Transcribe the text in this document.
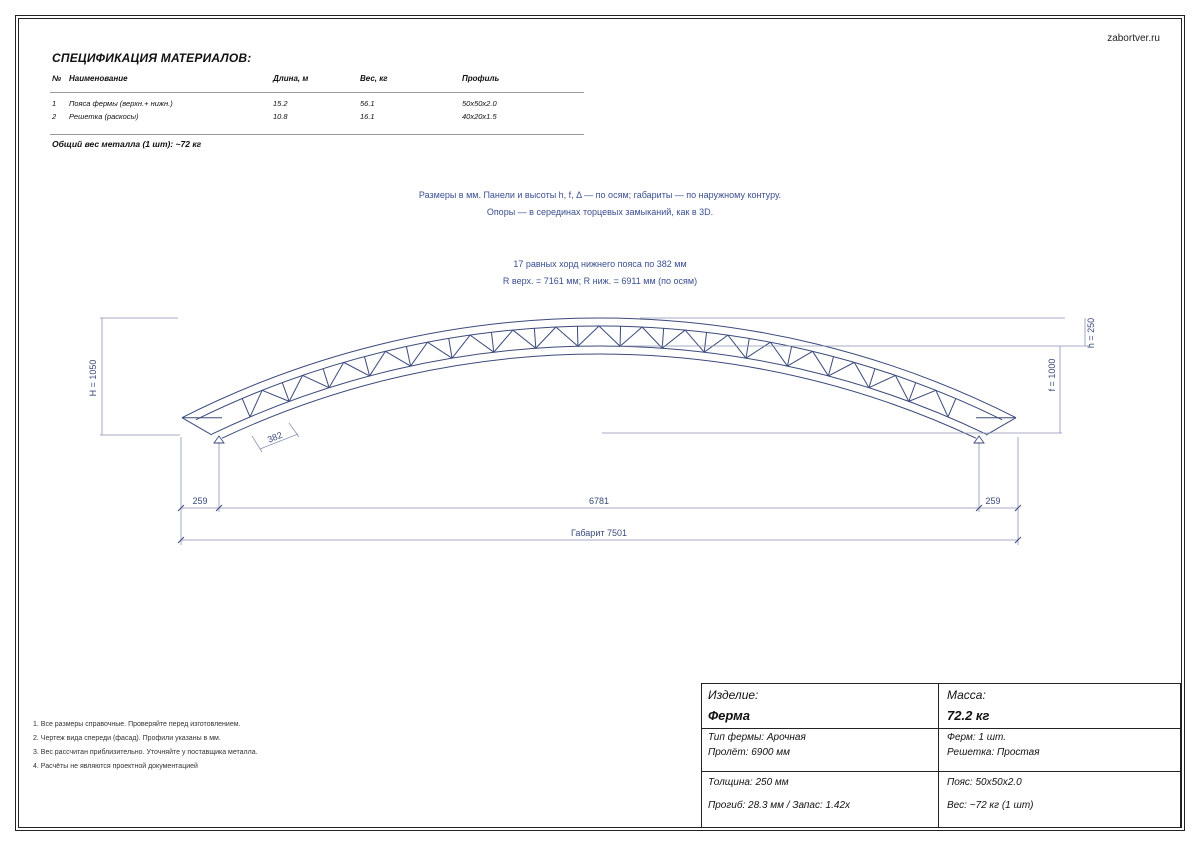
zabortver.ru
СПЕЦИФИКАЦИЯ МАТЕРИАЛОВ:
№ Наименование	Длина, м	Вес, кг	Профиль
1 Пояса фермы (верхн.+ нижн.)	15.2	56.1	50x50x2.0
2 Решетка (раскосы)	10.8	16.1	40x20x1.5
Общий вес металла (1 шт): ~72 кг
Размеры в мм. Панели и высоты h, f, Δ — по осям; габариты — по наружному контуру.
Опоры — в серединах торцевых замыканий, как в 3D.
17 равных хорд нижнего пояса по 382 мм
R верх. = 7161 мм; R ниж. = 6911 мм (по осям)
H = 1050
h = 250
f = 1000
382
259	6781	259
Габарит 7501
1. Все размеры справочные. Проверяйте перед изготовлением.
2. Чертеж вида спереди (фасад). Профили указаны в мм.
3. Вес рассчитан приблизительно. Уточняйте у поставщика металла.
4. Расчёты не являются проектной документацией
Изделие:
Ферма
Масса:
72.2 кг
Тип фермы: Арочная
Пролёт: 6900 мм
Ферм: 1 шт.
Решетка: Простая
Толщина: 250 мм
Прогиб: 28.3 мм / Запас: 1.42x
Пояс: 50x50x2.0
Вес: ~72 кг (1 шт)
